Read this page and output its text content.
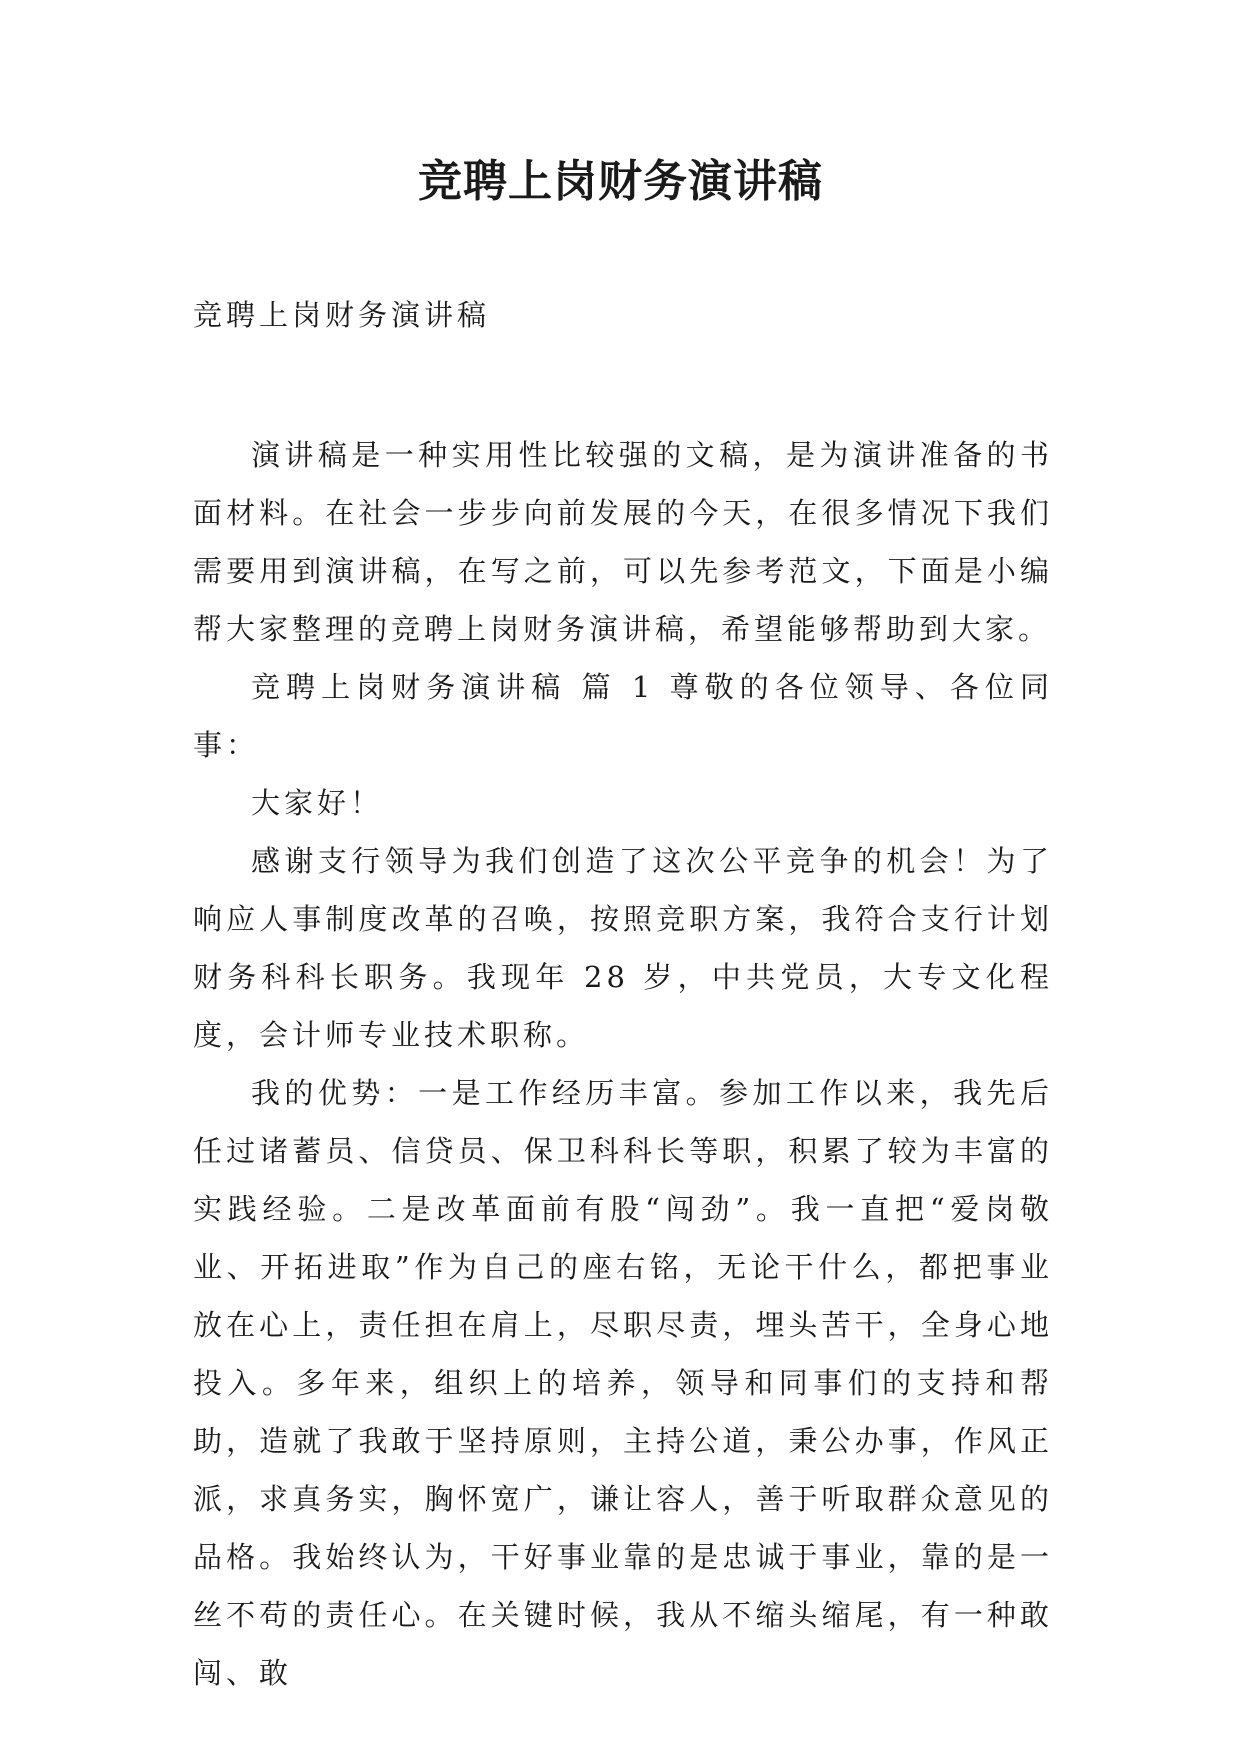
竞聘上岗财务演讲稿

竞聘上岗财务演讲稿

演讲稿是一种实用性比较强的文稿，是为演讲准备的书面材料。在社会一步步向前发展的今天，在很多情况下我们需要用到演讲稿，在写之前，可以先参考范文，下面是小编帮大家整理的竞聘上岗财务演讲稿，希望能够帮助到大家。

竞聘上岗财务演讲稿 篇 1 尊敬的各位领导、各位同事：

大家好！

感谢支行领导为我们创造了这次公平竞争的机会！为了响应人事制度改革的召唤，按照竞职方案，我符合支行计划财务科科长职务。我现年 28 岁，中共党员，大专文化程度，会计师专业技术职称。

我的优势：一是工作经历丰富。参加工作以来，我先后任过诸蓄员、信贷员、保卫科科长等职，积累了较为丰富的实践经验。二是改革面前有股“闯劲”。我一直把“爱岗敬业、开拓进取”作为自己的座右铭，无论干什么，都把事业放在心上，责任担在肩上，尽职尽责，埋头苦干，全身心地投入。多年来，组织上的培养，领导和同事们的支持和帮助，造就了我敢于坚持原则，主持公道，秉公办事，作风正派，求真务实，胸怀宽广，谦让容人，善于听取群众意见的品格。我始终认为，干好事业靠的是忠诚于事业，靠的是一丝不苟的责任心。在关键时候，我从不缩头缩尾，有一种敢闯、敢
